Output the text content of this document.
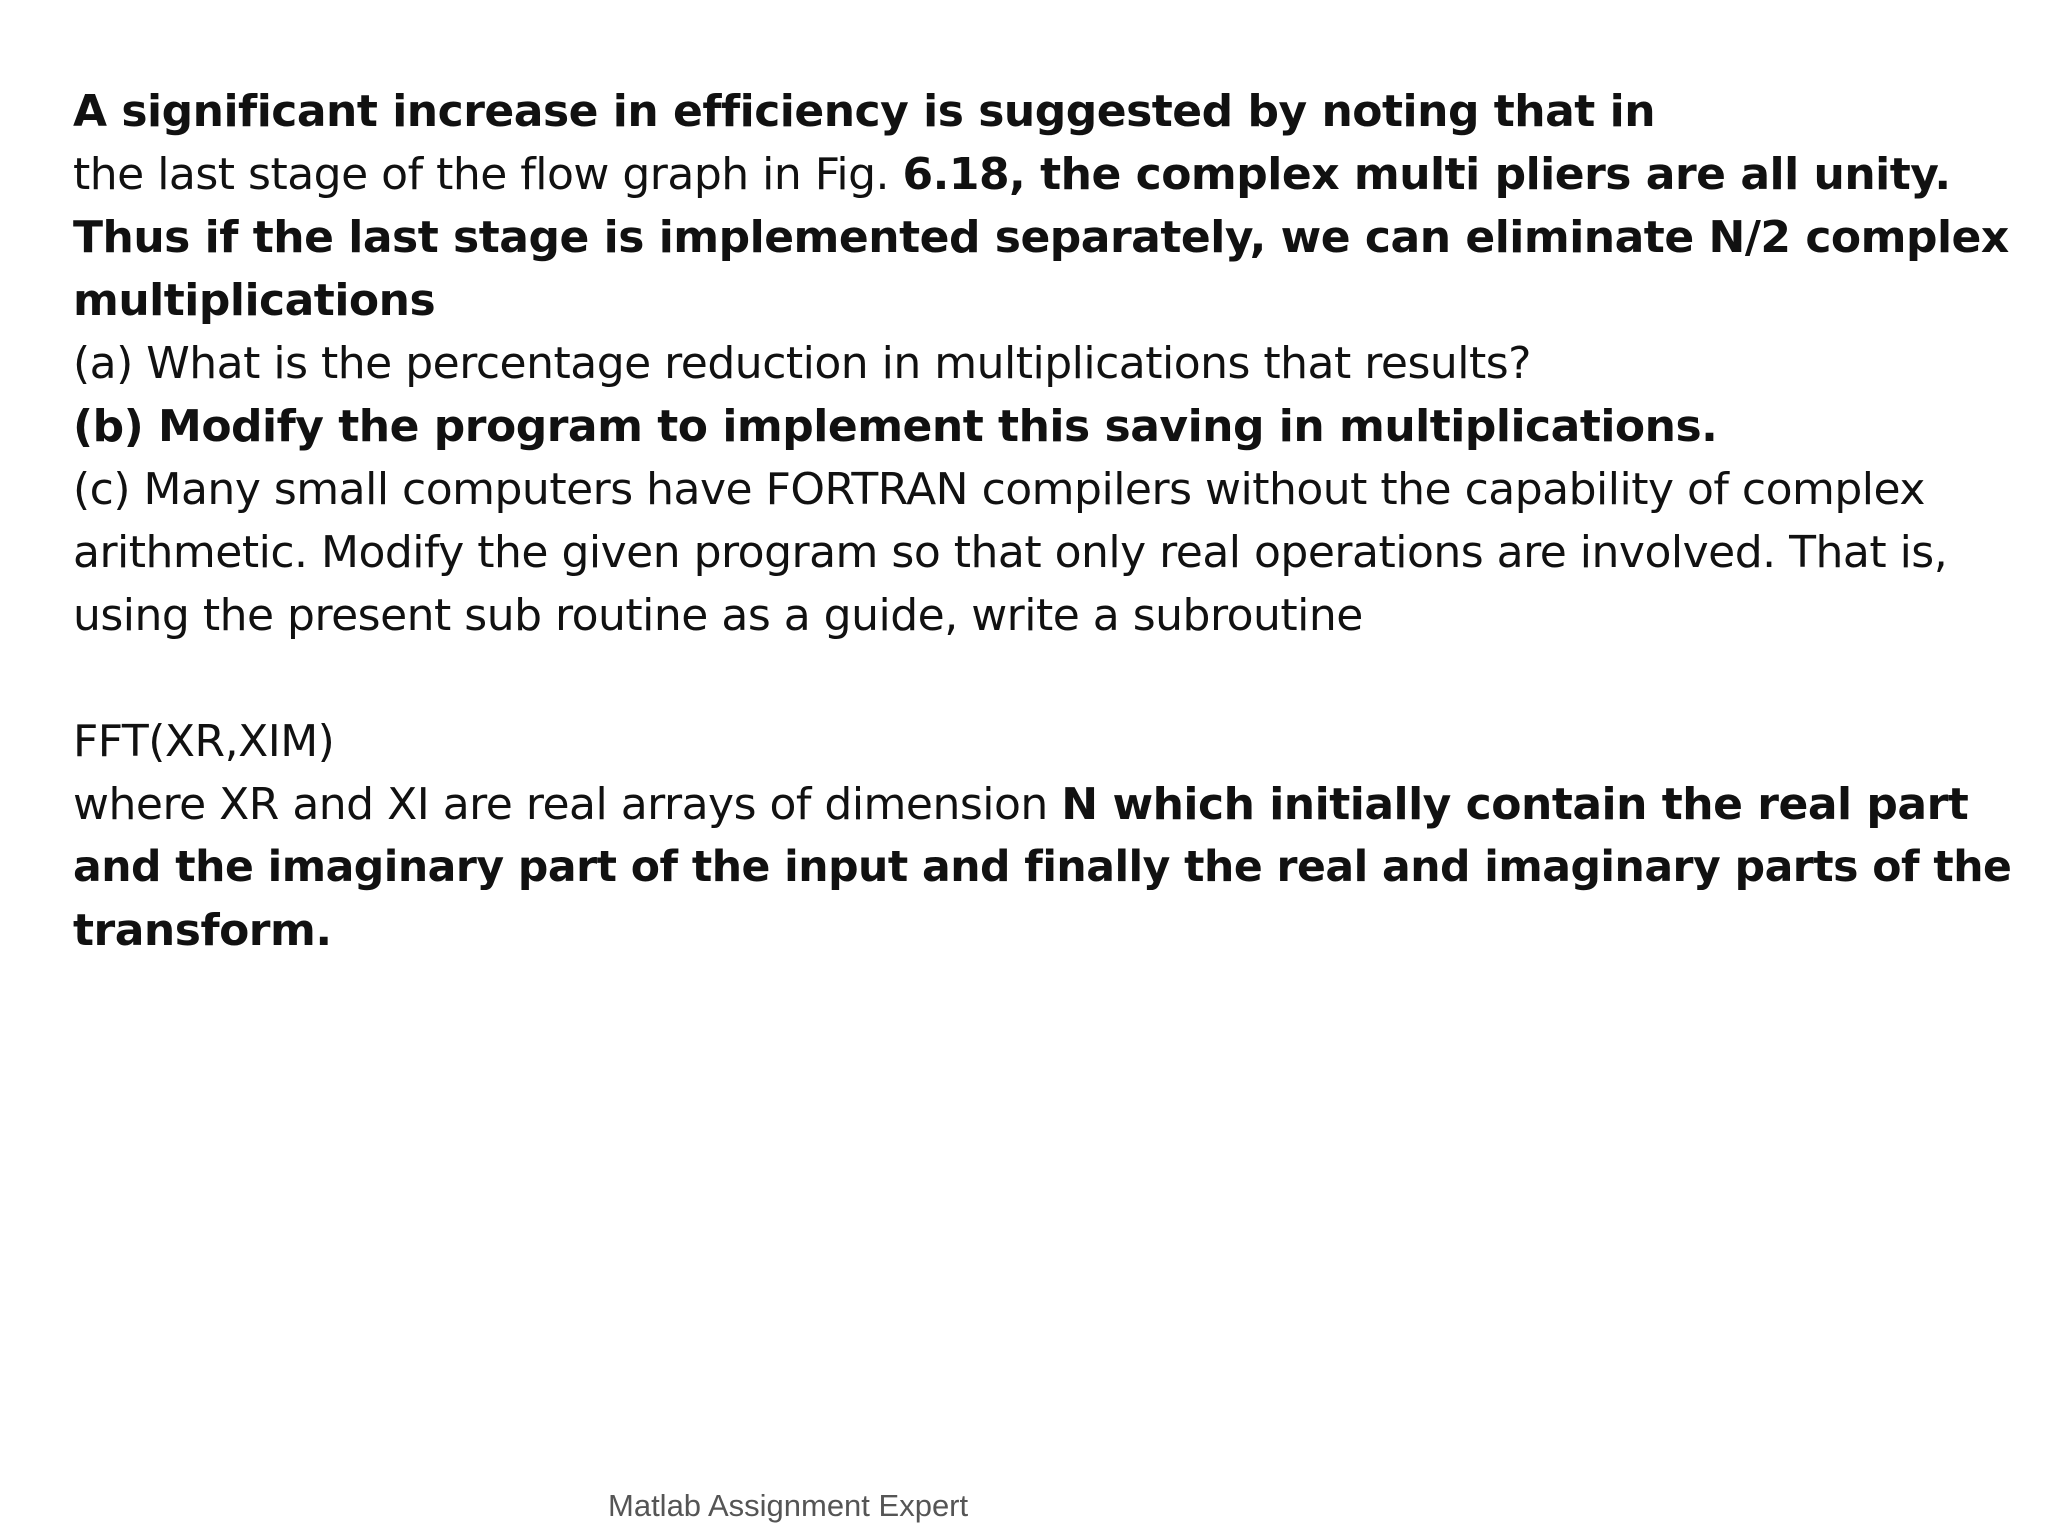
A significant increase in efficiency is suggested by noting that in
the last stage of the flow graph in Fig. 6.18, the complex multi pliers are all unity.
Thus if the last stage is implemented separately, we can eliminate N/2 complex
multiplications
(a) What is the percentage reduction in multiplications that results?
(b) Modify the program to implement this saving in multiplications.
(c) Many small computers have FORTRAN compilers without the capability of complex
arithmetic. Modify the given program so that only real operations are involved. That is,
using the present sub routine as a guide, write a subroutine
FFT(XR,XIM)
where XR and XI are real arrays of dimension N which initially contain the real part
and the imaginary part of the input and finally the real and imaginary parts of the
transform.
Matlab Assignment Expert
